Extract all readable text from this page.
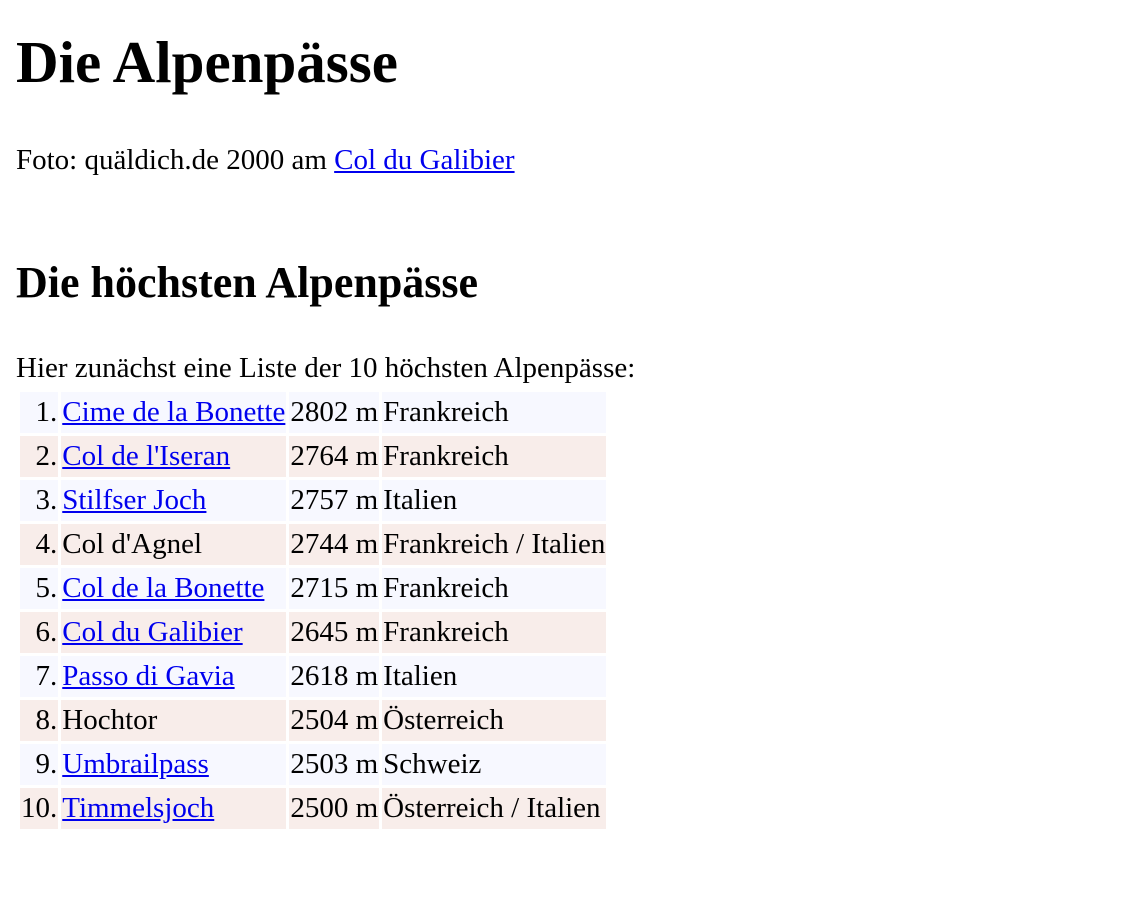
Die Alpenpässe

Foto: quäldich.de 2000 am Col du Galibier

Die höchsten Alpenpässe

Hier zunächst eine Liste der 10 höchsten Alpenpässe:

1.	Cime de la Bonette	2802 m	Frankreich
2.	Col de l'Iseran	2764 m	Frankreich
3.	Stilfser Joch	2757 m	Italien
4.	Col d'Agnel	2744 m	Frankreich / Italien
5.	Col de la Bonette	2715 m	Frankreich
6.	Col du Galibier	2645 m	Frankreich
7.	Passo di Gavia	2618 m	Italien
8.	Hochtor	2504 m	Österreich
9.	Umbrailpass	2503 m	Schweiz
10.	Timmelsjoch	2500 m	Österreich / Italien
